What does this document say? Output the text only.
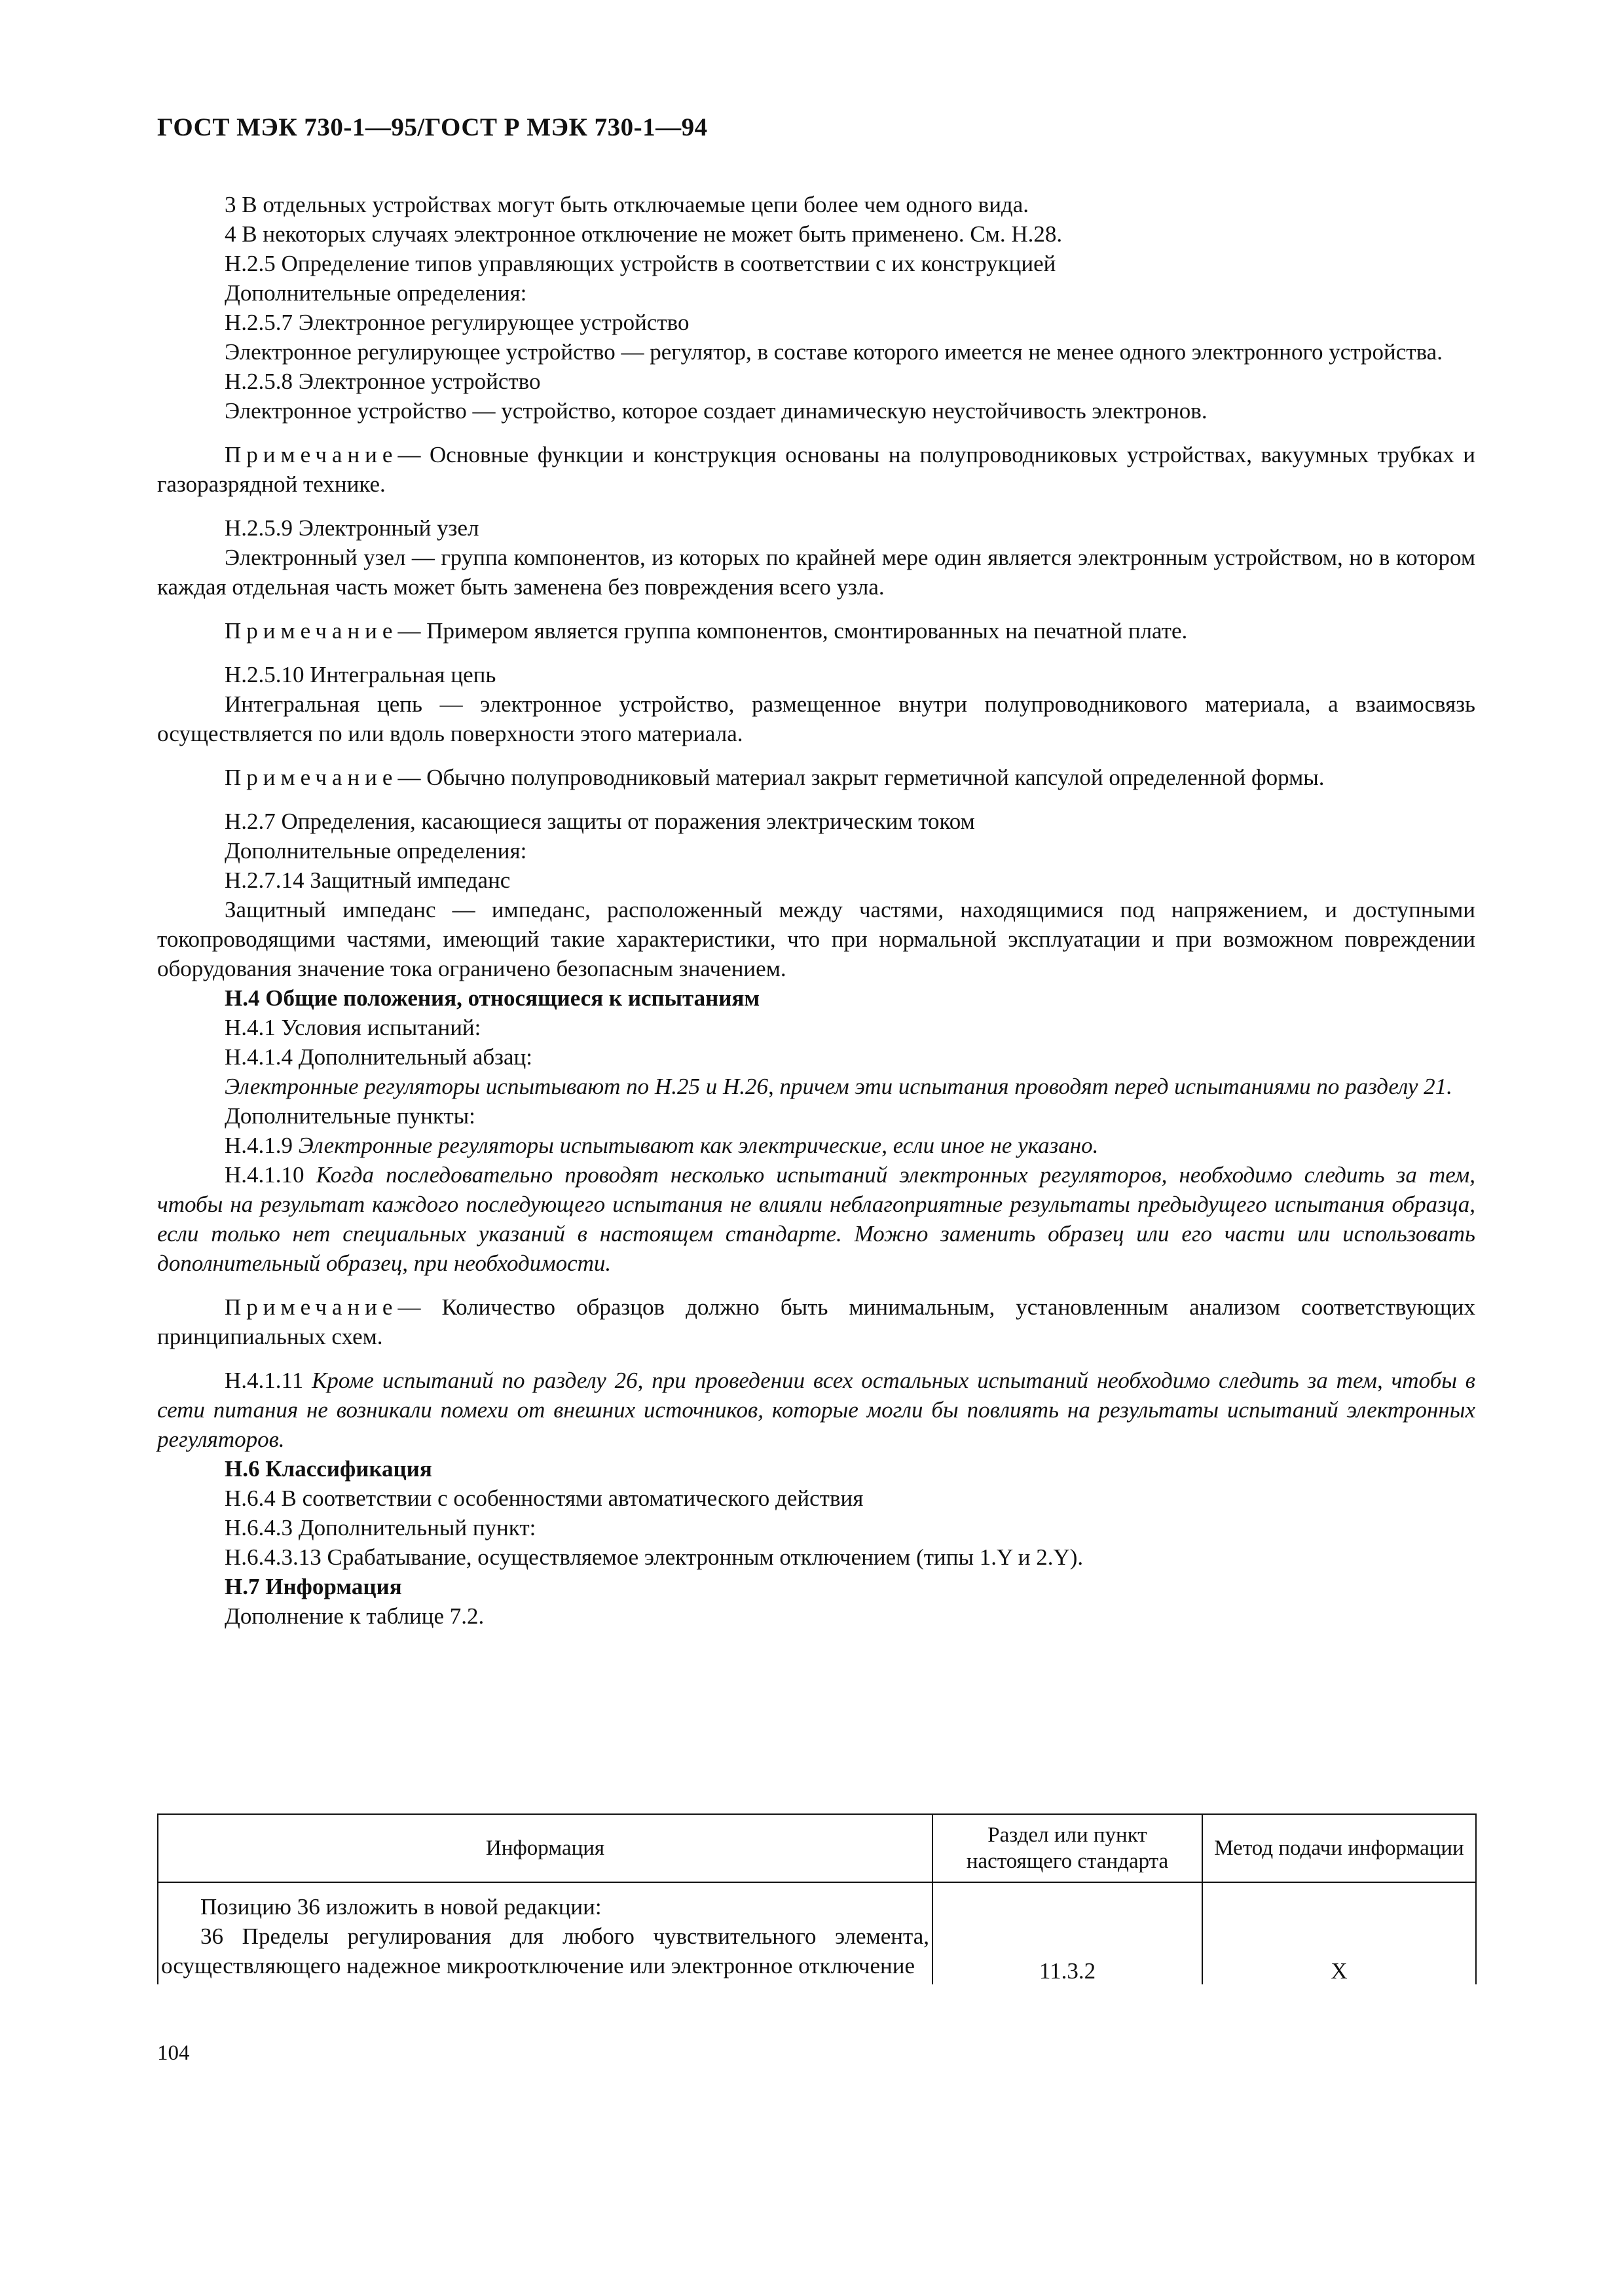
ГОСТ МЭК 730-1—95/ГОСТ Р МЭК 730-1—94

3 В отдельных устройствах могут быть отключаемые цепи более чем одного вида.

4 В некоторых случаях электронное отключение не может быть применено. См. Н.28.

Н.2.5 Определение типов управляющих устройств в соответствии с их конструкцией

Дополнительные определения:

Н.2.5.7 Электронное регулирующее устройство

Электронное регулирующее устройство — регулятор, в составе которого имеется не менее одного электронного устройства.

Н.2.5.8 Электронное устройство

Электронное устройство — устройство, которое создает динамическую неустойчивость электронов.

Примечание— Основные функции и конструкция основаны на полупроводниковых устройствах, вакуумных трубках и газоразрядной технике.

Н.2.5.9 Электронный узел

Электронный узел — группа компонентов, из которых по крайней мере один является электронным устройством, но в котором каждая отдельная часть может быть заменена без повреждения всего узла.

Примечание— Примером является группа компонентов, смонтированных на печатной плате.

Н.2.5.10 Интегральная цепь

Интегральная цепь — электронное устройство, размещенное внутри полупроводникового материала, а взаимосвязь осуществляется по или вдоль поверхности этого материала.

Примечание— Обычно полупроводниковый материал закрыт герметичной капсулой определенной формы.

Н.2.7 Определения, касающиеся защиты от поражения электрическим током

Дополнительные определения:

Н.2.7.14 Защитный импеданс

Защитный импеданс — импеданс, расположенный между частями, находящимися под напряжением, и доступными токопроводящими частями, имеющий такие характеристики, что при нормальной эксплуатации и при возможном повреждении оборудования значение тока ограничено безопасным значением.

Н.4 Общие положения, относящиеся к испытаниям

Н.4.1 Условия испытаний:

Н.4.1.4 Дополнительный абзац:

Электронные регуляторы испытывают по Н.25 и Н.26, причем эти испытания проводят перед испытаниями по разделу 21.

Дополнительные пункты:

Н.4.1.9 Электронные регуляторы испытывают как электрические, если иное не указано.

Н.4.1.10 Когда последовательно проводят несколько испытаний электронных регуляторов, необходимо следить за тем, чтобы на результат каждого последующего испытания не влияли неблагоприятные результаты предыдущего испытания образца, если только нет специальных указаний в настоящем стандарте. Можно заменить образец или его части или использовать дополнительный образец, при необходимости.

Примечание— Количество образцов должно быть минимальным, установленным анализом соответствующих принципиальных схем.

Н.4.1.11 Кроме испытаний по разделу 26, при проведении всех остальных испытаний необходимо следить за тем, чтобы в сети питания не возникали помехи от внешних источников, которые могли бы повлиять на результаты испытаний электронных регуляторов.

Н.6 Классификация

Н.6.4 В соответствии с особенностями автоматического действия

Н.6.4.3 Дополнительный пункт:

Н.6.4.3.13 Срабатывание, осуществляемое электронным отключением (типы 1.Y и 2.Y).

Н.7 Информация

Дополнение к таблице 7.2.

Информация	Раздел или пункт настоящего стандарта	Метод подачи информации

Позицию 36 изложить в новой редакции:

36 Пределы регулирования для любого чувствительного элемента, осуществляющего надежное микроотключение или электронное отключение	11.3.2	X
104
